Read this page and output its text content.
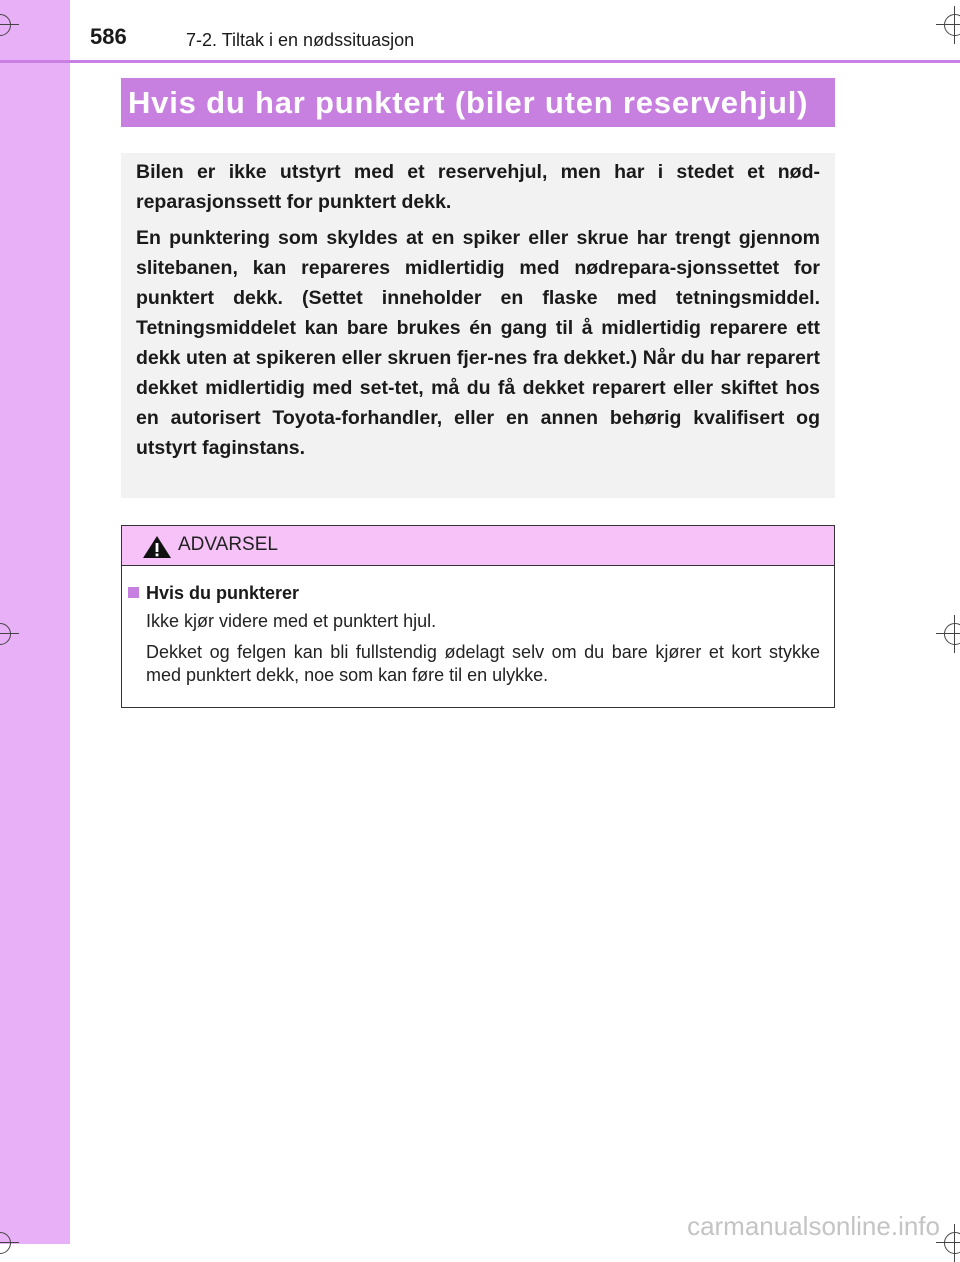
586	7-2. Tiltak i en nødssituasjon
Hvis du har punktert (biler uten reservehjul)

Bilen er ikke utstyrt med et reservehjul, men har i stedet et nød-reparasjonssett for punktert dekk.

En punktering som skyldes at en spiker eller skrue har trengt gjennom slitebanen, kan repareres midlertidig med nødrepara-sjonssettet for punktert dekk. (Settet inneholder en flaske med tetningsmiddel. Tetningsmiddelet kan bare brukes én gang til å midlertidig reparere ett dekk uten at spikeren eller skruen fjer-nes fra dekket.) Når du har reparert dekket midlertidig med set-tet, må du få dekket reparert eller skiftet hos en autorisert Toyota-forhandler, eller en annen behørig kvalifisert og utstyrt faginstans.

ADVARSEL
Hvis du punkterer

Ikke kjør videre med et punktert hjul.

Dekket og felgen kan bli fullstendig ødelagt selv om du bare kjører et kort stykke med punktert dekk, noe som kan føre til en ulykke.

carmanualsonline.info
